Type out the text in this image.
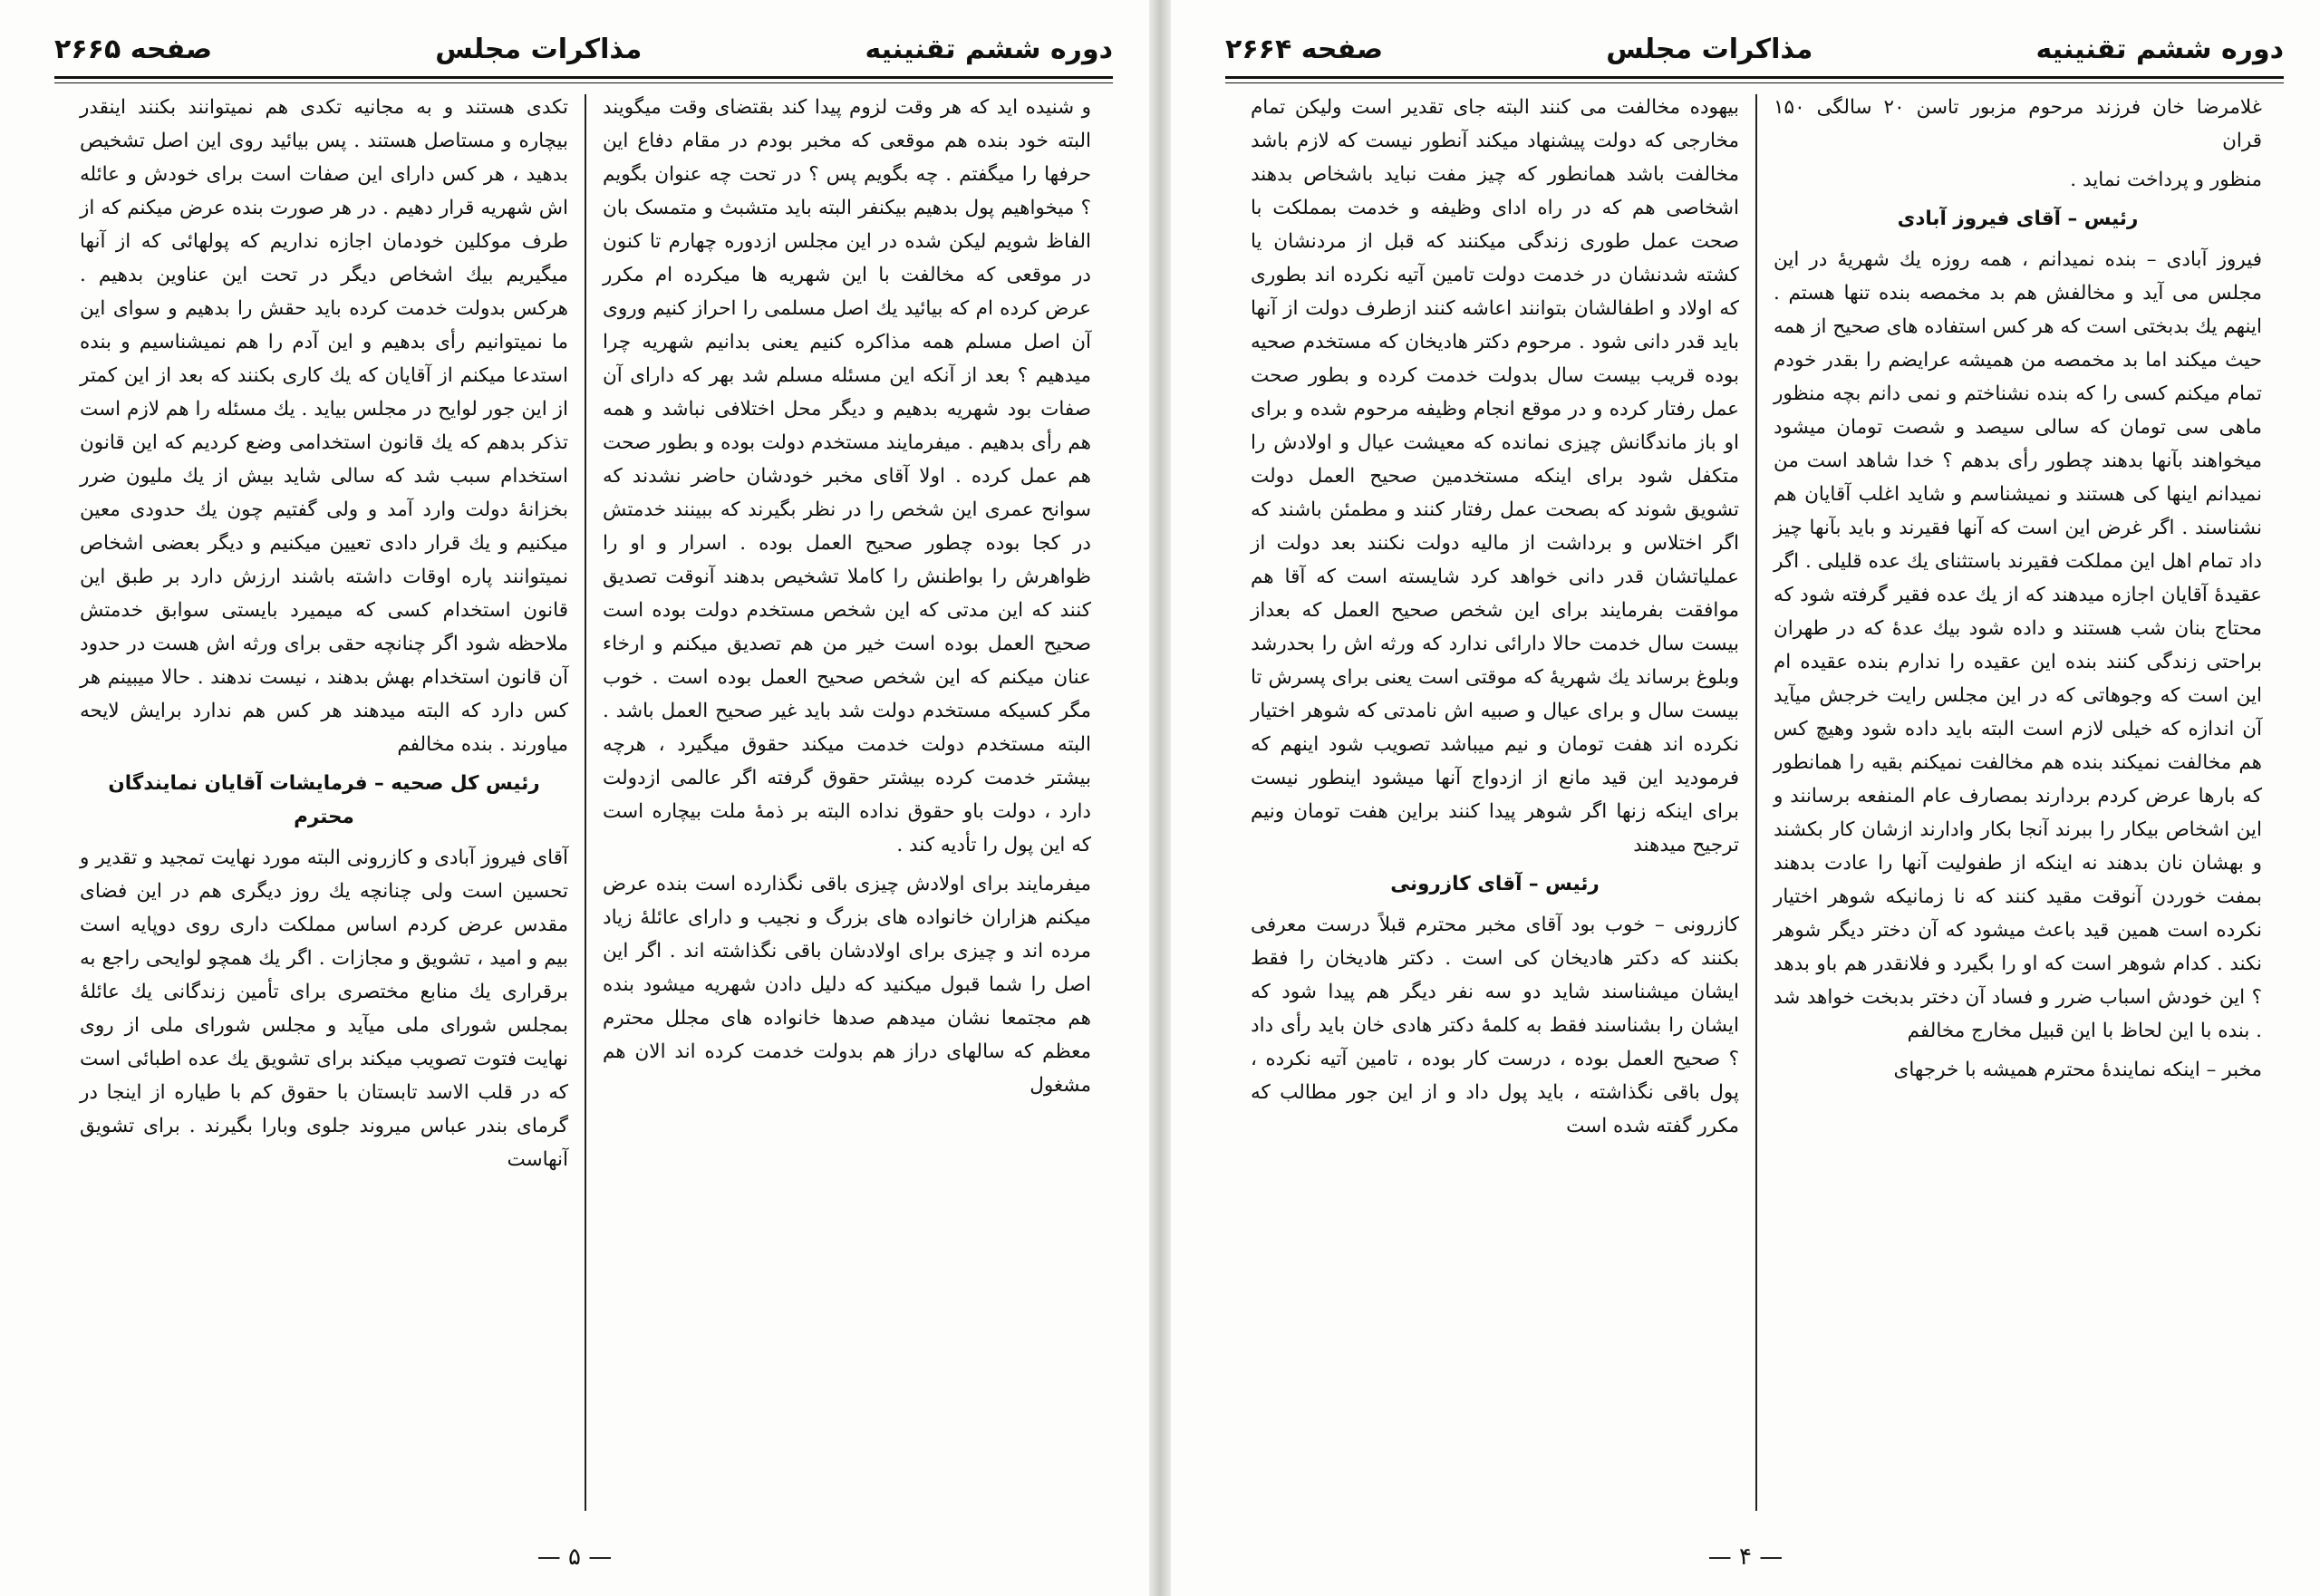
دوره ششم تقنینیه
مذاکرات مجلس
صفحه ۲۶۶۵

و شنیده اید که هر وقت لزوم پیدا کند بقتضای وقت میگویند البته خود بنده هم موقعی که مخبر بودم در مقام دفاع این حرفها را میگفتم . چه بگویم پس ؟ در تحت چه عنوان بگویم ؟ میخواهیم پول بدهیم بیکنفر البته باید متشبث و متمسک بان الفاظ شویم لیکن شده در این مجلس ازدوره چهارم تا کنون در موقعی که مخالفت با این شهریه ها میکرده ام مکرر عرض کرده ام که بیائید یك اصل مسلمی را احراز کنیم وروی آن اصل مسلم همه مذاکره کنیم یعنی بدانیم شهریه چرا میدهیم ؟ بعد از آنکه این مسئله مسلم شد بهر که دارای آن صفات بود شهریه بدهیم و دیگر محل اختلافی نباشد و همه هم رأی بدهیم . میفرمایند مستخدم دولت بوده و بطور صحت هم عمل کرده . اولا آقای مخبر خودشان حاضر نشدند که سوانح عمری این شخص را در نظر بگیرند که ببینند خدمتش در کجا بوده چطور صحیح العمل بوده . اسرار و او را ظواهرش را بواطنش را کاملا تشخیص بدهند آنوقت تصدیق کنند که این مدتی که این شخص مستخدم دولت بوده است صحیح العمل بوده است خیر من هم تصدیق میکنم و ارخاء عنان میکنم که این شخص صحیح العمل بوده است . خوب مگر کسیکه مستخدم دولت شد باید غیر صحیح العمل باشد . البته مستخدم دولت خدمت میکند حقوق میگیرد ، هرچه بیشتر خدمت کرده بیشتر حقوق گرفته اگر عالمی ازدولت دارد ، دولت باو حقوق نداده البته بر ذمهٔ ملت بیچاره است که این پول را تأدیه کند .

میفرمایند برای اولادش چیزی باقی نگذارده است بنده عرض میکنم هزاران خانواده های بزرگ و نجیب و دارای عائلهٔ زیاد مرده اند و چیزی برای اولادشان باقی نگذاشته اند . اگر این اصل را شما قبول میکنید که دلیل دادن شهریه میشود بنده هم مجتمعا نشان میدهم صدها خانواده های مجلل محترم معظم که سالهای دراز هم بدولت خدمت کرده اند الان هم مشغول

تکدی هستند و به مجانیه تکدی هم نمیتوانند بکنند اینقدر بیچاره و مستاصل هستند . پس بیائید روی این اصل تشخیص بدهید ، هر کس دارای این صفات است برای خودش و عائله اش شهریه قرار دهیم . در هر صورت بنده عرض میکنم که از طرف موکلین خودمان اجازه نداریم که پولهائی که از آنها میگیریم بیك اشخاص دیگر در تحت این عناوین بدهیم . هرکس بدولت خدمت کرده باید حقش را بدهیم و سوای این ما نمیتوانیم رأی بدهیم و این آدم را هم نمیشناسیم و بنده استدعا میکنم از آقایان که یك کاری بکنند که بعد از این کمتر از این جور لوایح در مجلس بیاید . یك مسئله را هم لازم است تذکر بدهم که یك قانون استخدامی وضع کردیم که این قانون استخدام سبب شد که سالی شاید بیش از یك ملیون ضرر بخزانهٔ دولت وارد آمد و ولی گفتیم چون یك حدودی معین میکنیم و یك قرار دادی تعیین میکنیم و دیگر بعضی اشخاص نمیتوانند پاره اوقات داشته باشند ارزش دارد بر طبق این قانون استخدام کسی که میمیرد بایستی سوابق خدمتش ملاحظه شود اگر چنانچه حقی برای ورثه اش هست در حدود آن قانون استخدام بهش بدهند ، نیست ندهند . حالا میبینم هر کس دارد که البته میدهند هر کس هم ندارد برایش لایحه میاورند . بنده مخالفم

رئیس کل صحیه – فرمایشات آقایان نمایندگان محترم

آقای فیروز آبادی و کازرونی البته مورد نهایت تمجید و تقدیر و تحسین است ولی چنانچه یك روز دیگری هم در این فضای مقدس عرض کردم اساس مملکت داری روی دوپایه است بیم و امید ، تشویق و مجازات . اگر یك همچو لوایحی راجع به برقراری یك منابع مختصری برای تأمین زندگانی یك عائلهٔ بمجلس شورای ملی میآید و مجلس شورای ملی از روی نهایت فتوت تصویب میکند برای تشویق یك عده اطبائی است که در قلب الاسد تابستان با حقوق کم با طیاره از اینجا در گرمای بندر عباس میروند جلوی وبارا بگیرند . برای تشویق آنهاست

— ۵ —
دوره ششم تقنینیه
مذاکرات مجلس
صفحه ۲۶۶۴

غلامرضا خان فرزند مرحوم مزبور تاسن ۲۰ سالگی ۱۵۰ قران

منظور و پرداخت نماید .

رئیس – آقای فیروز آبادی

فیروز آبادی – بنده نمیدانم ، همه روزه یك شهریهٔ در این مجلس می آید و مخالفش هم بد مخمصه بنده تنها هستم . اینهم یك بدبختی است که هر کس استفاده های صحیح از همه حیث میکند اما بد مخمصه من همیشه عرایضم را بقدر خودم تمام میکنم کسی را که بنده نشناختم و نمی دانم بچه منظور ماهی سی تومان که سالی سیصد و شصت تومان میشود میخواهند بآنها بدهند چطور رأی بدهم ؟ خدا شاهد است من نمیدانم اینها کی هستند و نمیشناسم و شاید اغلب آقایان هم نشناسند . اگر غرض این است که آنها فقیرند و باید بآنها چیز داد تمام اهل این مملکت فقیرند باستثنای یك عده قلیلی . اگر عقیدهٔ آقایان اجازه میدهند که از یك عده فقیر گرفته شود که محتاج بنان شب هستند و داده شود بیك عدهٔ که در طهران براحتی زندگی کنند بنده این عقیده را ندارم بنده عقیده ام این است که وجوهاتی که در این مجلس رایت خرجش میآید آن اندازه که خیلی لازم است البته باید داده شود وهیچ کس هم مخالفت نمیکند بنده هم مخالفت نمیکنم بقیه را همانطور که بارها عرض کردم بردارند بمصارف عام المنفعه برسانند و این اشخاص بیکار را ببرند آنجا بکار وادارند ازشان کار بکشند و بهشان نان بدهند نه اینکه از طفولیت آنها را عادت بدهند بمفت خوردن آنوقت مقید کنند که نا زمانیکه شوهر اختیار نکرده است همین قید باعث میشود که آن دختر دیگر شوهر نکند . کدام شوهر است که او را بگیرد و فلانقدر هم باو بدهد ؟ این خودش اسباب ضرر و فساد آن دختر بدبخت خواهد شد . بنده با این لحاظ با این قبیل مخارج مخالفم

مخبر – اینکه نمایندهٔ محترم همیشه با خرجهای

بیهوده مخالفت می کنند البته جای تقدیر است ولیکن تمام مخارجی که دولت پیشنهاد میکند آنطور نیست که لازم باشد مخالفت باشد همانطور که چیز مفت نباید باشخاص بدهند اشخاصی هم که در راه ادای وظیفه و خدمت بمملکت با صحت عمل طوری زندگی میکنند که قبل از مردنشان یا کشته شدنشان در خدمت دولت تامین آتیه نکرده اند بطوری که اولاد و اطفالشان بتوانند اعاشه کنند ازطرف دولت از آنها باید قدر دانی شود . مرحوم دکتر هادیخان که مستخدم صحیه بوده قریب بیست سال بدولت خدمت کرده و بطور صحت عمل رفتار کرده و در موقع انجام وظیفه مرحوم شده و برای او باز ماندگانش چیزی نمانده که معیشت عیال و اولادش را متکفل شود برای اینکه مستخدمین صحیح العمل دولت تشویق شوند که بصحت عمل رفتار کنند و مطمئن باشند که اگر اختلاس و برداشت از مالیه دولت نکنند بعد دولت از عملیاتشان قدر دانی خواهد کرد شایسته است که آقا هم موافقت بفرمایند برای این شخص صحیح العمل که بعداز بیست سال خدمت حالا دارائی ندارد که ورثه اش را بحدرشد وبلوغ برساند یك شهریهٔ که موقتی است یعنی برای پسرش تا بیست سال و برای عیال و صبیه اش نامدتی که شوهر اختیار نکرده اند هفت تومان و نیم میباشد تصویب شود اینهم که فرمودید این قید مانع از ازدواج آنها میشود اینطور نیست برای اینکه زنها اگر شوهر پیدا کنند براین هفت تومان ونیم ترجیح میدهند

رئیس – آقای کازرونی

کازرونی – خوب بود آقای مخبر محترم قبلاً درست معرفی بکنند که دکتر هادیخان کی است . دکتر هادیخان را فقط ایشان میشناسند شاید دو سه نفر دیگر هم پیدا شود که ایشان را بشناسند فقط به کلمهٔ دکتر هادی خان باید رأی داد ؟ صحیح العمل بوده ، درست کار بوده ، تامین آتیه نکرده ، پول باقی نگذاشته ، باید پول داد و از این جور مطالب که مکرر گفته شده است

— ۴ —
